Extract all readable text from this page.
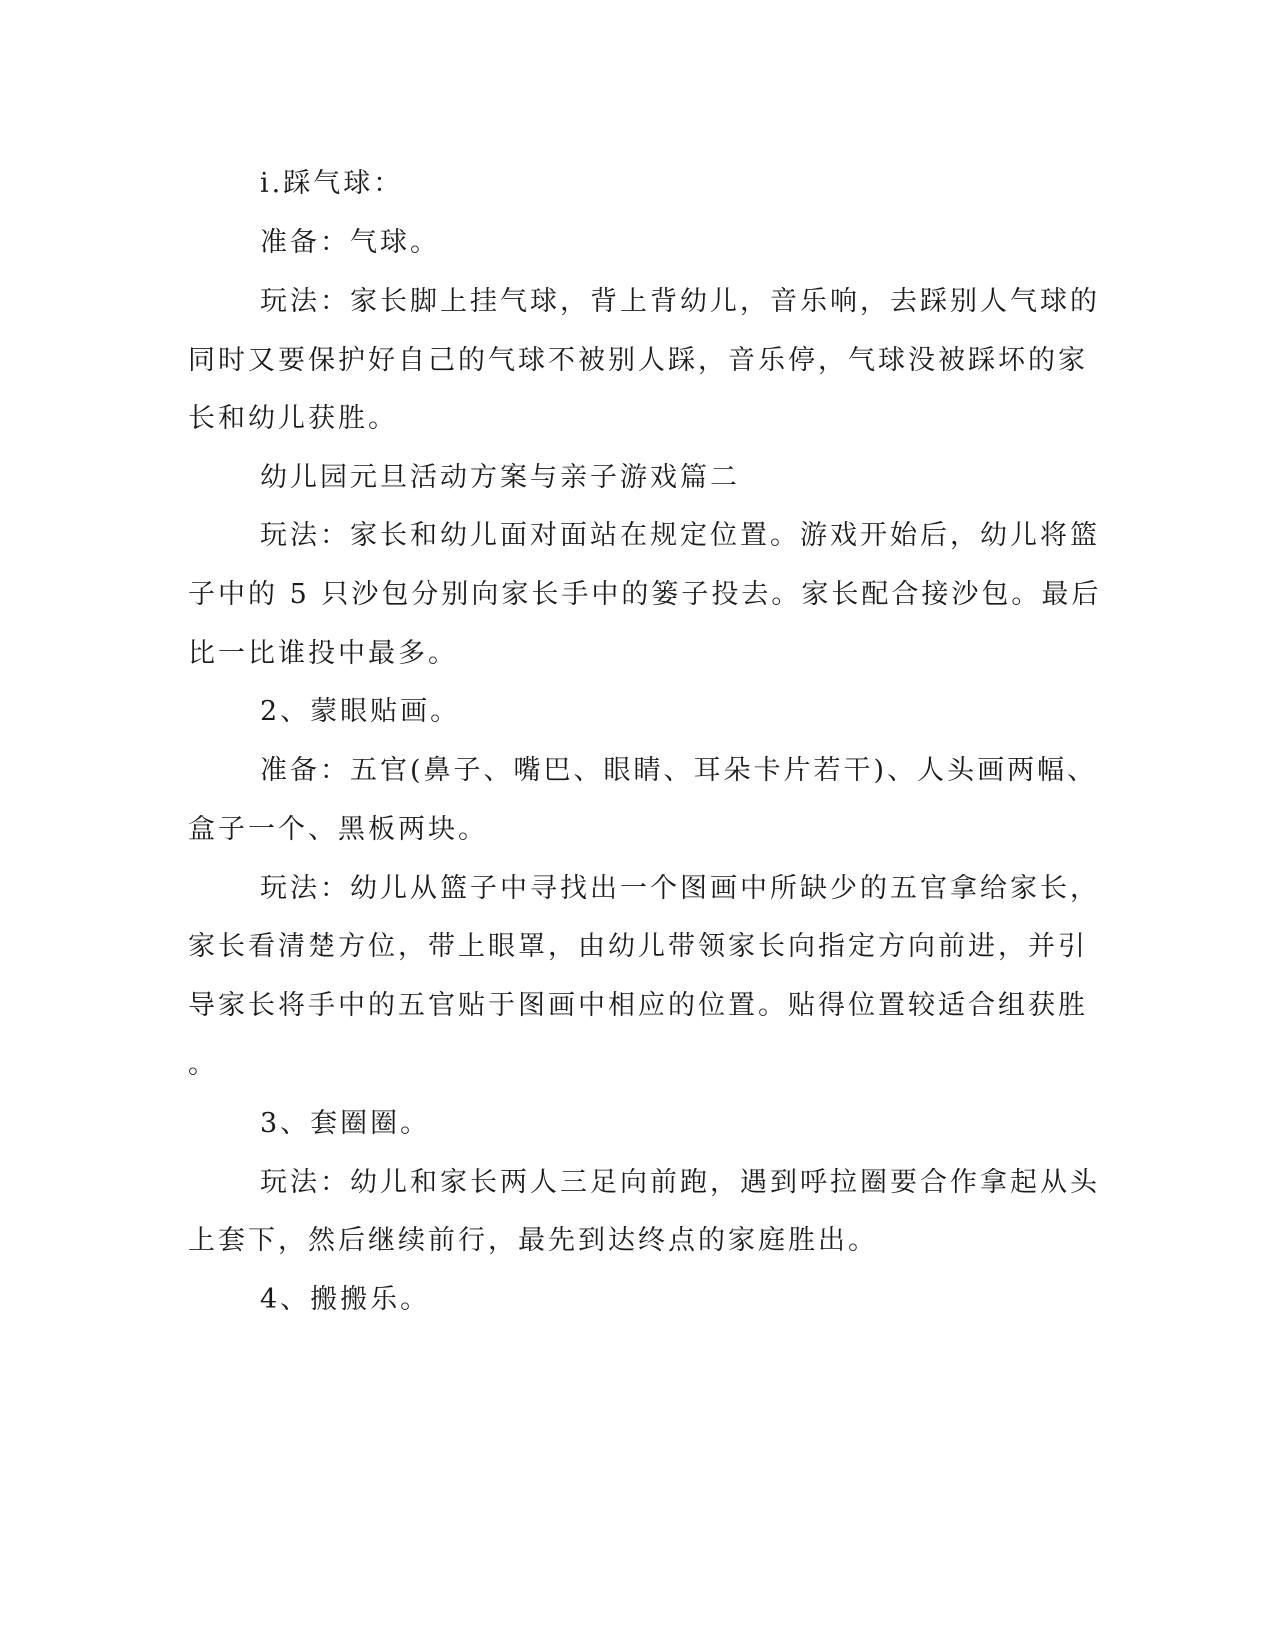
i.踩气球：
准备：气球。
玩法：家长脚上挂气球，背上背幼儿，音乐响，去踩别人气球的
同时又要保护好自己的气球不被别人踩，音乐停，气球没被踩坏的家
长和幼儿获胜。
幼儿园元旦活动方案与亲子游戏篇二
玩法：家长和幼儿面对面站在规定位置。游戏开始后，幼儿将篮
子中的 5 只沙包分别向家长手中的篓子投去。家长配合接沙包。最后
比一比谁投中最多。
2、蒙眼贴画。
准备：五官(鼻子、嘴巴、眼睛、耳朵卡片若干)、人头画两幅、
盒子一个、黑板两块。
玩法：幼儿从篮子中寻找出一个图画中所缺少的五官拿给家长，
家长看清楚方位，带上眼罩，由幼儿带领家长向指定方向前进，并引
导家长将手中的五官贴于图画中相应的位置。贴得位置较适合组获胜
。
3、套圈圈。
玩法：幼儿和家长两人三足向前跑，遇到呼拉圈要合作拿起从头
上套下，然后继续前行，最先到达终点的家庭胜出。
4、搬搬乐。
